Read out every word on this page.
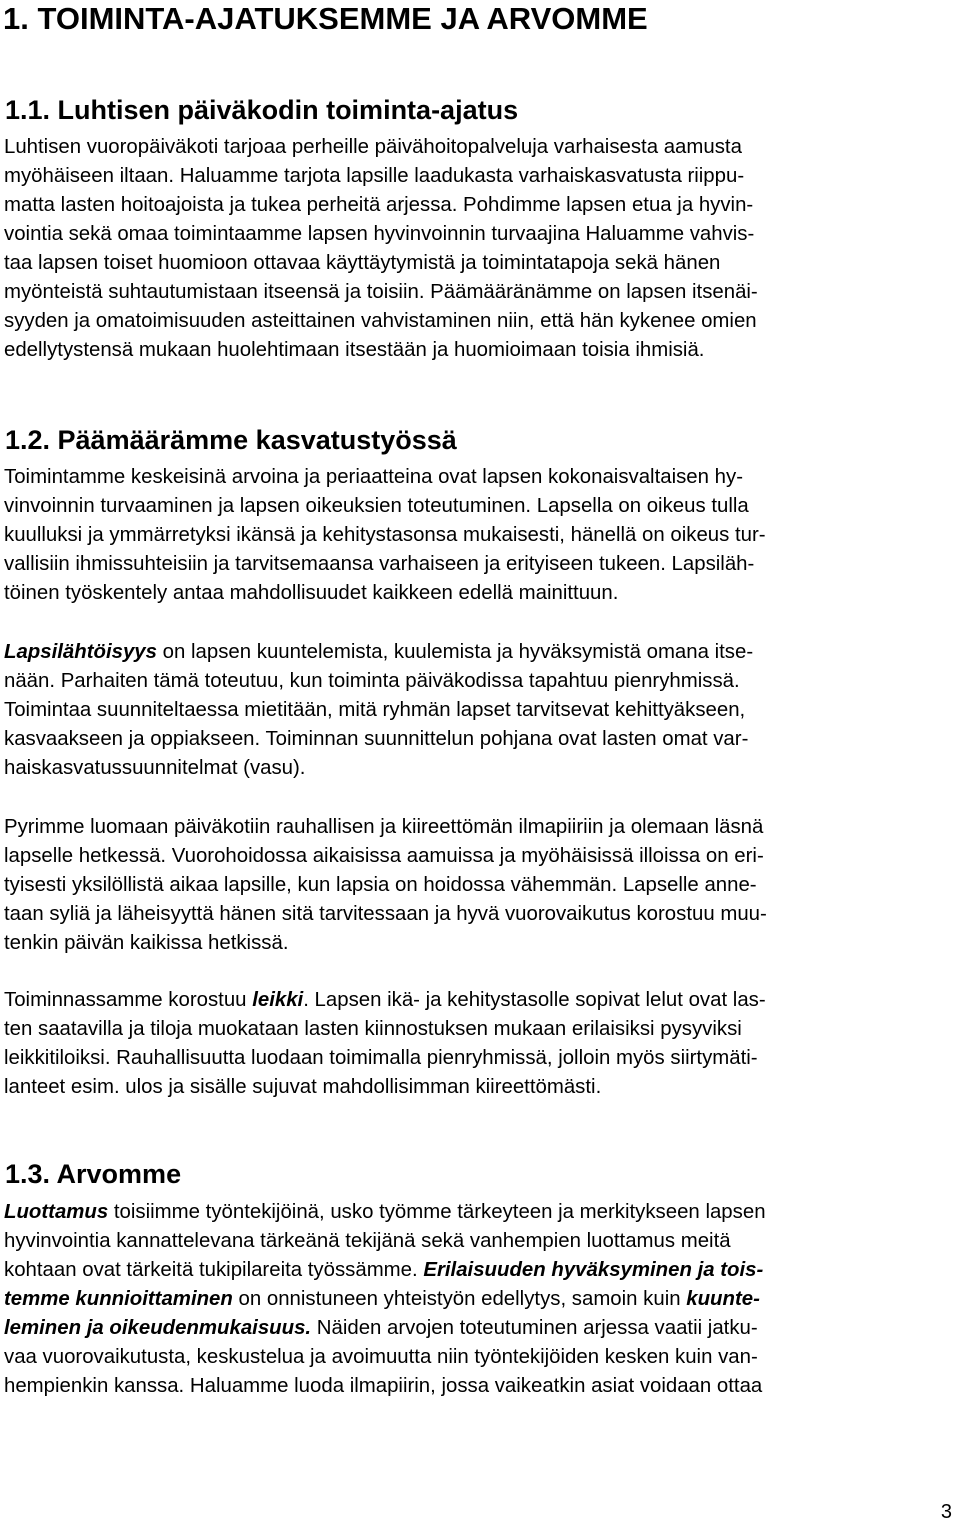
1. TOIMINTA-AJATUKSEMME JA ARVOMME
1.1. Luhtisen päiväkodin toiminta-ajatus
Luhtisen vuoropäiväkoti tarjoaa perheille päivähoitopalveluja varhaisesta aamusta
myöhäiseen iltaan. Haluamme tarjota lapsille laadukasta varhaiskasvatusta riippu-
matta lasten hoitoajoista ja tukea perheitä arjessa. Pohdimme lapsen etua ja hyvin-
vointia sekä omaa toimintaamme lapsen hyvinvoinnin turvaajina Haluamme vahvis-
taa lapsen toiset huomioon ottavaa käyttäytymistä ja toimintatapoja sekä hänen
myönteistä suhtautumistaan itseensä ja toisiin. Päämääränämme on lapsen itsenäi-
syyden ja omatoimisuuden asteittainen vahvistaminen niin, että hän kykenee omien
edellytystensä mukaan huolehtimaan itsestään ja huomioimaan toisia ihmisiä.
1.2. Päämäärämme kasvatustyössä
Toimintamme keskeisinä arvoina ja periaatteina ovat lapsen kokonaisvaltaisen hy-
vinvoinnin turvaaminen ja lapsen oikeuksien toteutuminen. Lapsella on oikeus tulla
kuulluksi ja ymmärretyksi ikänsä ja kehitystasonsa mukaisesti, hänellä on oikeus tur-
vallisiin ihmissuhteisiin ja tarvitsemaansa varhaiseen ja erityiseen tukeen. Lapsiläh-
töinen työskentely antaa mahdollisuudet kaikkeen edellä mainittuun.
Lapsilähtöisyys on lapsen kuuntelemista, kuulemista ja hyväksymistä omana itse-
nään. Parhaiten tämä toteutuu, kun toiminta päiväkodissa tapahtuu pienryhmissä.
Toimintaa suunniteltaessa mietitään, mitä ryhmän lapset tarvitsevat kehittyäkseen,
kasvaakseen ja oppiakseen. Toiminnan suunnittelun pohjana ovat lasten omat var-
haiskasvatussuunnitelmat (vasu).
Pyrimme luomaan päiväkotiin rauhallisen ja kiireettömän ilmapiiriin ja olemaan läsnä
lapselle hetkessä. Vuorohoidossa aikaisissa aamuissa ja myöhäisissä illoissa on eri-
tyisesti yksilöllistä aikaa lapsille, kun lapsia on hoidossa vähemmän. Lapselle anne-
taan syliä ja läheisyyttä hänen sitä tarvitessaan ja hyvä vuorovaikutus korostuu muu-
tenkin päivän kaikissa hetkissä.
Toiminnassamme korostuu leikki. Lapsen ikä- ja kehitystasolle sopivat lelut ovat las-
ten saatavilla ja tiloja muokataan lasten kiinnostuksen mukaan erilaisiksi pysyviksi
leikkitiloiksi. Rauhallisuutta luodaan toimimalla pienryhmissä, jolloin myös siirtymäti-
lanteet esim. ulos ja sisälle sujuvat mahdollisimman kiireettömästi.
1.3. Arvomme
Luottamus toisiimme työntekijöinä, usko työmme tärkeyteen ja merkitykseen lapsen
hyvinvointia kannattelevana tärkeänä tekijänä sekä vanhempien luottamus meitä
kohtaan ovat tärkeitä tukipilareita työssämme. Erilaisuuden hyväksyminen ja tois-
temme kunnioittaminen on onnistuneen yhteistyön edellytys, samoin kuin kuunte-
leminen ja oikeudenmukaisuus. Näiden arvojen toteutuminen arjessa vaatii jatku-
vaa vuorovaikutusta, keskustelua ja avoimuutta niin työntekijöiden kesken kuin van-
hempienkin kanssa. Haluamme luoda ilmapiirin, jossa vaikeatkin asiat voidaan ottaa
3
